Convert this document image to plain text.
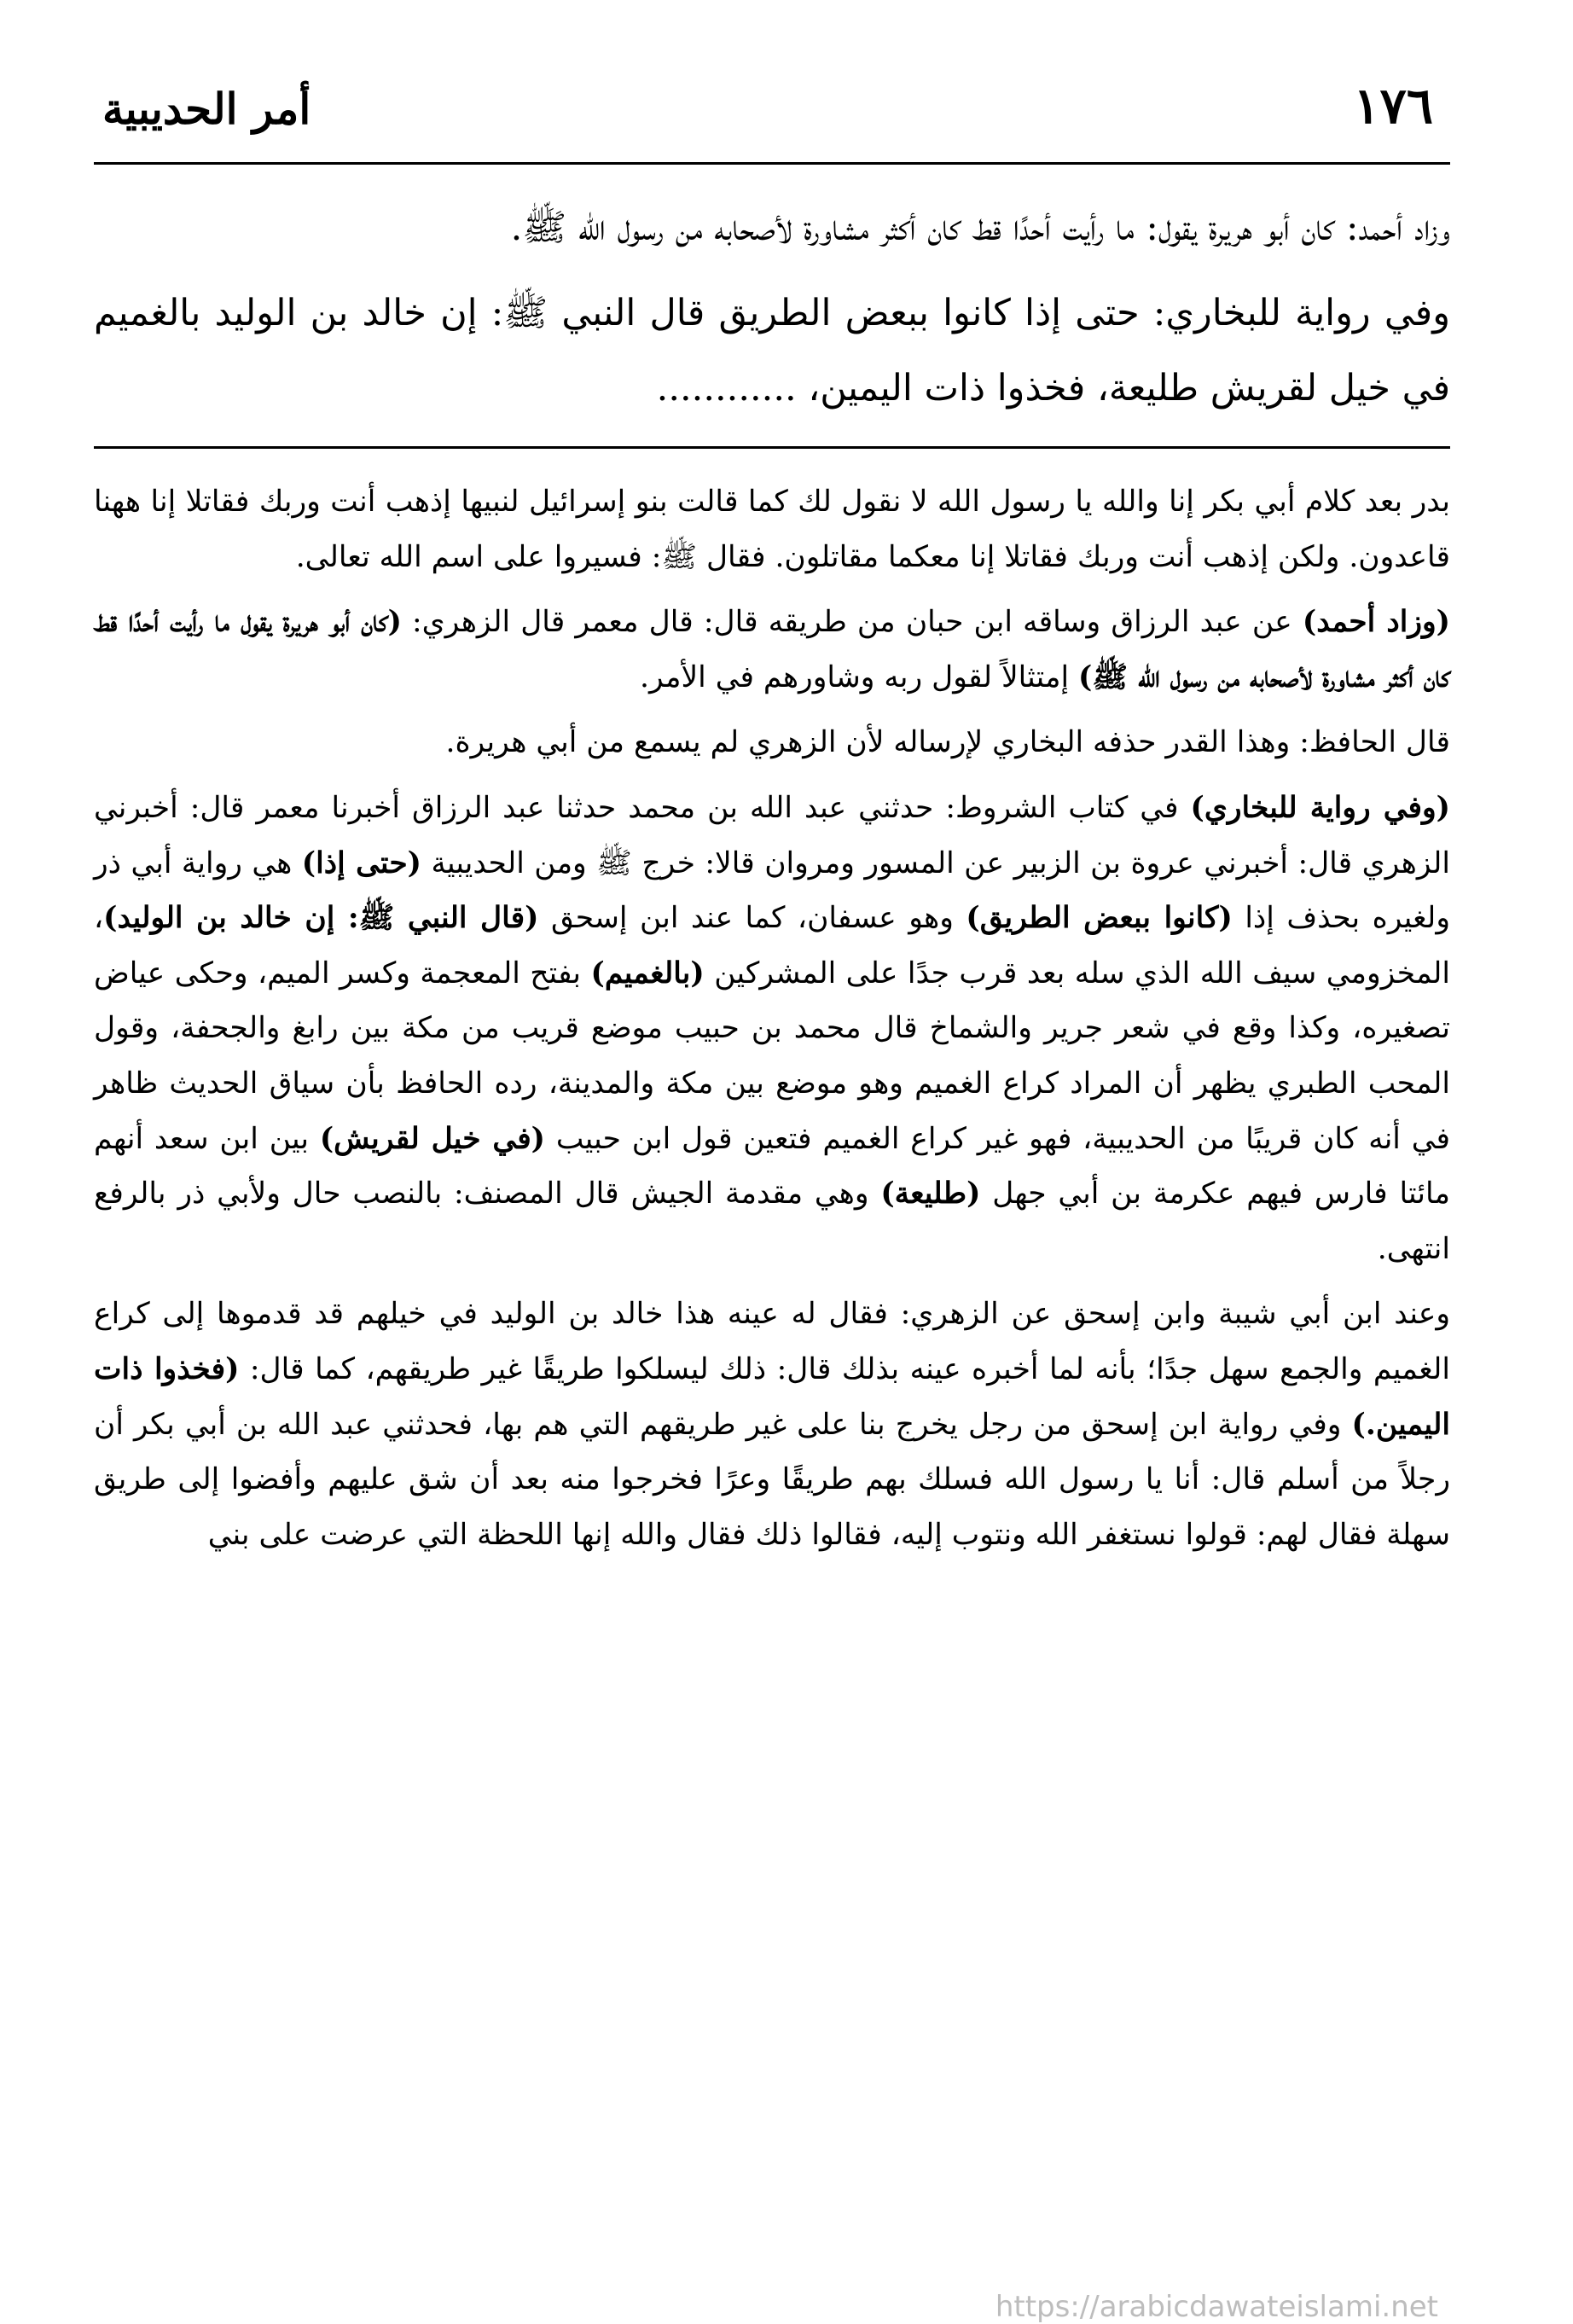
١٧٦
أمر الحديبية

وزاد أحمد: كان أبو هريرة يقول: ما رأيت أحدًا قط كان أكثر مشاورة لأصحابه من رسول الله ﷺ.

وفي رواية للبخاري: حتى إذا كانوا ببعض الطريق قال النبي ﷺ: إن خالد بن الوليد بالغميم في خيل لقريش طليعة، فخذوا ذات اليمين، ............

بدر بعد كلام أبي بكر إنا والله يا رسول الله لا نقول لك كما قالت بنو إسرائيل لنبيها إذهب أنت وربك فقاتلا إنا ههنا قاعدون. ولكن إذهب أنت وربك فقاتلا إنا معكما مقاتلون. فقال ﷺ: فسيروا على اسم الله تعالى.

(وزاد أحمد) عن عبد الرزاق وساقه ابن حبان من طريقه قال: قال معمر قال الزهري: (كان أبو هريرة يقول ما رأيت أحدًا قط كان أكثر مشاورة لأصحابه من رسول الله ﷺ) إمتثالاً لقول ربه وشاورهم في الأمر.

قال الحافظ: وهذا القدر حذفه البخاري لإرساله لأن الزهري لم يسمع من أبي هريرة.

(وفي رواية للبخاري) في كتاب الشروط: حدثني عبد الله بن محمد حدثنا عبد الرزاق أخبرنا معمر قال: أخبرني الزهري قال: أخبرني عروة بن الزبير عن المسور ومروان قالا: خرج ﷺ ومن الحديبية (حتى إذا) هي رواية أبي ذر ولغيره بحذف إذا (كانوا ببعض الطريق) وهو عسفان، كما عند ابن إسحق (قال النبي ﷺ: إن خالد بن الوليد)، المخزومي سيف الله الذي سله بعد قرب جدًا على المشركين (بالغميم) بفتح المعجمة وكسر الميم، وحكى عياض تصغيره، وكذا وقع في شعر جرير والشماخ قال محمد بن حبيب موضع قريب من مكة بين رابغ والجحفة، وقول المحب الطبري يظهر أن المراد كراع الغميم وهو موضع بين مكة والمدينة، رده الحافظ بأن سياق الحديث ظاهر في أنه كان قريبًا من الحديبية، فهو غير كراع الغميم فتعين قول ابن حبيب (في خيل لقريش) بين ابن سعد أنهم مائتا فارس فيهم عكرمة بن أبي جهل (طليعة) وهي مقدمة الجيش قال المصنف: بالنصب حال ولأبي ذر بالرفع انتهى.

وعند ابن أبي شيبة وابن إسحق عن الزهري: فقال له عينه هذا خالد بن الوليد في خيلهم قد قدموها إلى كراع الغميم والجمع سهل جدًا؛ بأنه لما أخبره عينه بذلك قال: ذلك ليسلكوا طريقًا غير طريقهم، كما قال: (فخذوا ذات اليمين.) وفي رواية ابن إسحق من رجل يخرج بنا على غير طريقهم التي هم بها، فحدثني عبد الله بن أبي بكر أن رجلاً من أسلم قال: أنا يا رسول الله فسلك بهم طريقًا وعرًا فخرجوا منه بعد أن شق عليهم وأفضوا إلى طريق سهلة فقال لهم: قولوا نستغفر الله ونتوب إليه، فقالوا ذلك فقال والله إنها اللحظة التي عرضت على بني

https://arabicdawateislami.net
